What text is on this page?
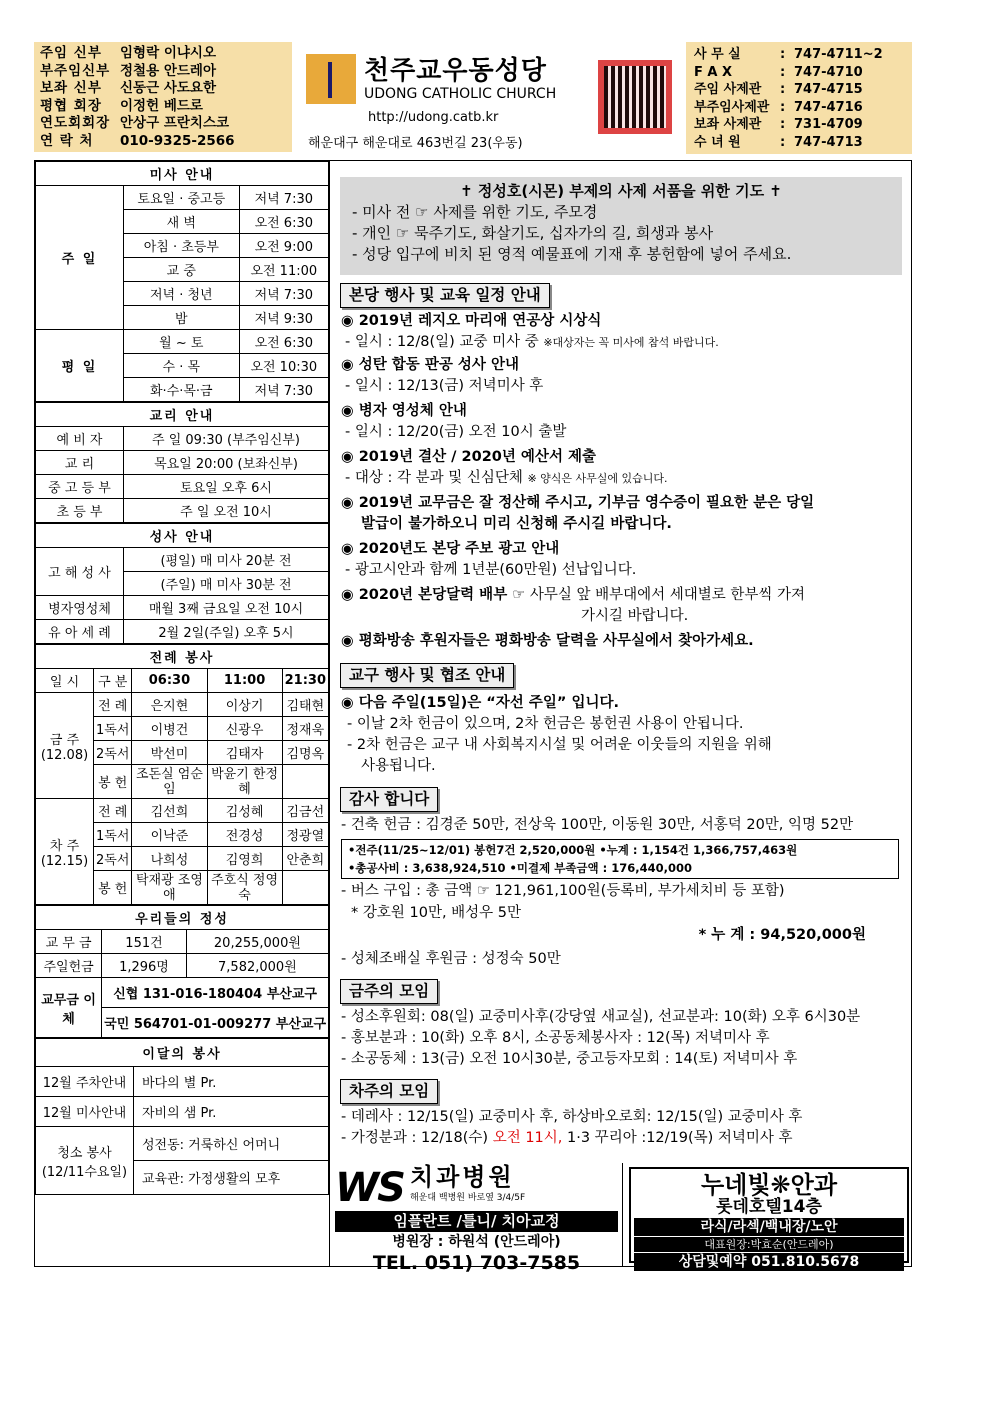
주임 신부	임형락 이냐시오
부주임신부 정철용 안드레아
보좌 신부	신동근 사도요한
평협 회장	이정헌 베드로
연도회회장 안상구 프란치스코
연 락 처	010-9325-2566
천주교우동성당
UDONG CATHOLIC CHURCH
http://udong.catb.kr
해운대구 해운대로 463번길 23(우동)
사 무 실	: 747-4711~2
F A X	: 747-4710
주임 사제관	: 747-4715
부주임사제관 : 747-4716
보좌 사제관	: 731-4709
수 녀 원	: 747-4713
미사 안내		
주 일	토요일 · 중고등	저녁 7:30
	새 벽	오전 6:30
	아침 · 초등부	오전 9:00
	교 중	오전 11:00
	저녁 · 청년	저녁 7:30
	밤	저녁 9:30
평 일	월 ~ 토	오전 6:30
	수 · 목	오전 10:30
	화·수·목·금	저녁 7:30
교리 안내	
예 비 자	주 일 09:30 (부주임신부)
교 리	목요일 20:00 (보좌신부)
중 고 등 부	토요일 오후 6시
초 등 부	주 일 오전 10시
성사 안내	
고 해 성 사	(평일) 매 미사 20분 전
	(주일) 매 미사 30분 전
병자영성체	매월 3째 금요일 오전 10시
유 아 세 례	2월 2일(주일) 오후 5시
전례 봉사				
일 시	구 분	06:30	11:00	21:30
금 주
(12.08)	전 례	은지현	이상기	김태현
	1독서	이병건	신광우	정재욱
	2독서	박선미	김태자	김명옥
	봉 헌	조돈실 엄순임	박윤기 한정혜	
차 주
(12.15)	전 례	김선희	김성혜	김금선
	1독서	이낙준	전경성	정광열
	2독서	나희성	김영희	안춘희
	봉 헌	탁재광 조영애	주호식 정영숙	
우리들의 정성		
교 무 금	151건	20,255,000원
주일헌금	1,296명	7,582,000원
교무금 이 체	신협 131-016-180404 부산교구	
	국민 564701-01-009277 부산교구	
이달의 봉사	
12월 주차안내	바다의 별 Pr.
12월 미사안내	자비의 샘 Pr.
청소 봉사
(12/11수요일)	성전동: 거룩하신 어머니
	교육관: 가정생활의 모후
✝ 정성호(시몬) 부제의 사제 서품을 위한 기도 ✝
- 미사 전 ☞ 사제를 위한 기도, 주모경
- 개인 ☞ 묵주기도, 화살기도, 십자가의 길, 희생과 봉사
- 성당 입구에 비치 된 영적 예물표에 기재 후 봉헌함에 넣어 주세요.
본당 행사 및 교육 일정 안내
◉ 2019년 레지오 마리애 연공상 시상식
- 일시 : 12/8(일) 교중 미사 중 ※대상자는 꼭 미사에 참석 바랍니다.
◉ 성탄 합동 판공 성사 안내
- 일시 : 12/13(금) 저녁미사 후
◉ 병자 영성체 안내
- 일시 : 12/20(금) 오전 10시 출발
◉ 2019년 결산 / 2020년 예산서 제출
- 대상 : 각 분과 및 신심단체 ※ 양식은 사무실에 있습니다.
◉ 2019년 교무금은 잘 정산해 주시고, 기부금 영수증이 필요한 분은 당일
발급이 불가하오니 미리 신청해 주시길 바랍니다.
◉ 2020년도 본당 주보 광고 안내
- 광고시안과 함께 1년분(60만원) 선납입니다.
◉ 2020년 본당달력 배부 ☞ 사무실 앞 배부대에서 세대별로 한부씩 가져
가시길 바랍니다.
◉ 평화방송 후원자들은 평화방송 달력을 사무실에서 찾아가세요.
교구 행사 및 협조 안내
◉ 다음 주일(15일)은 “자선 주일” 입니다.
- 이날 2차 헌금이 있으며, 2차 헌금은 봉헌권 사용이 안됩니다.
- 2차 헌금은 교구 내 사회복지시설 및 어려운 이웃들의 지원을 위해
사용됩니다.
감사 합니다
- 건축 헌금 : 김경준 50만, 전상욱 100만, 이동원 30만, 서홍덕 20만, 익명 52만
•전주(11/25~12/01) 봉헌7건 2,520,000원 •누계 : 1,154건 1,366,757,463원
•총공사비 : 3,638,924,510 •미결제 부족금액 : 176,440,000
- 버스 구입 : 총 금액 ☞ 121,961,100원(등록비, 부가세치비 등 포함)
* 강호원 10만, 배성우 5만
* 누 계 : 94,520,000원
- 성체조배실 후원금 : 성정숙 50만
금주의 모임
- 성소후원회: 08(일) 교중미사후(강당옆 새교실), 선교분과: 10(화) 오후 6시30분
- 홍보분과 : 10(화) 오후 8시, 소공동체봉사자 : 12(목) 저녁미사 후
- 소공동체 : 13(금) 오전 10시30분, 중고등자모회 : 14(토) 저녁미사 후
차주의 모임
- 데레사 : 12/15(일) 교중미사 후, 하상바오로회: 12/15(일) 교중미사 후
- 가정분과 : 12/18(수) 오전 11시, 1·3 꾸리아 :12/19(목) 저녁미사 후
WS 치과병원
해운대 백병원 바로옆 3/4/5F
임플란트 /틀니/ 치아교정
병원장 : 하원석 (안드레아)
TEL. 051) 703-7585
누네빛❋안과
롯데호텔14층
라식/라섹/백내장/노안
대표원장:박효순(안드레아)
상담및예약 051.810.5678
